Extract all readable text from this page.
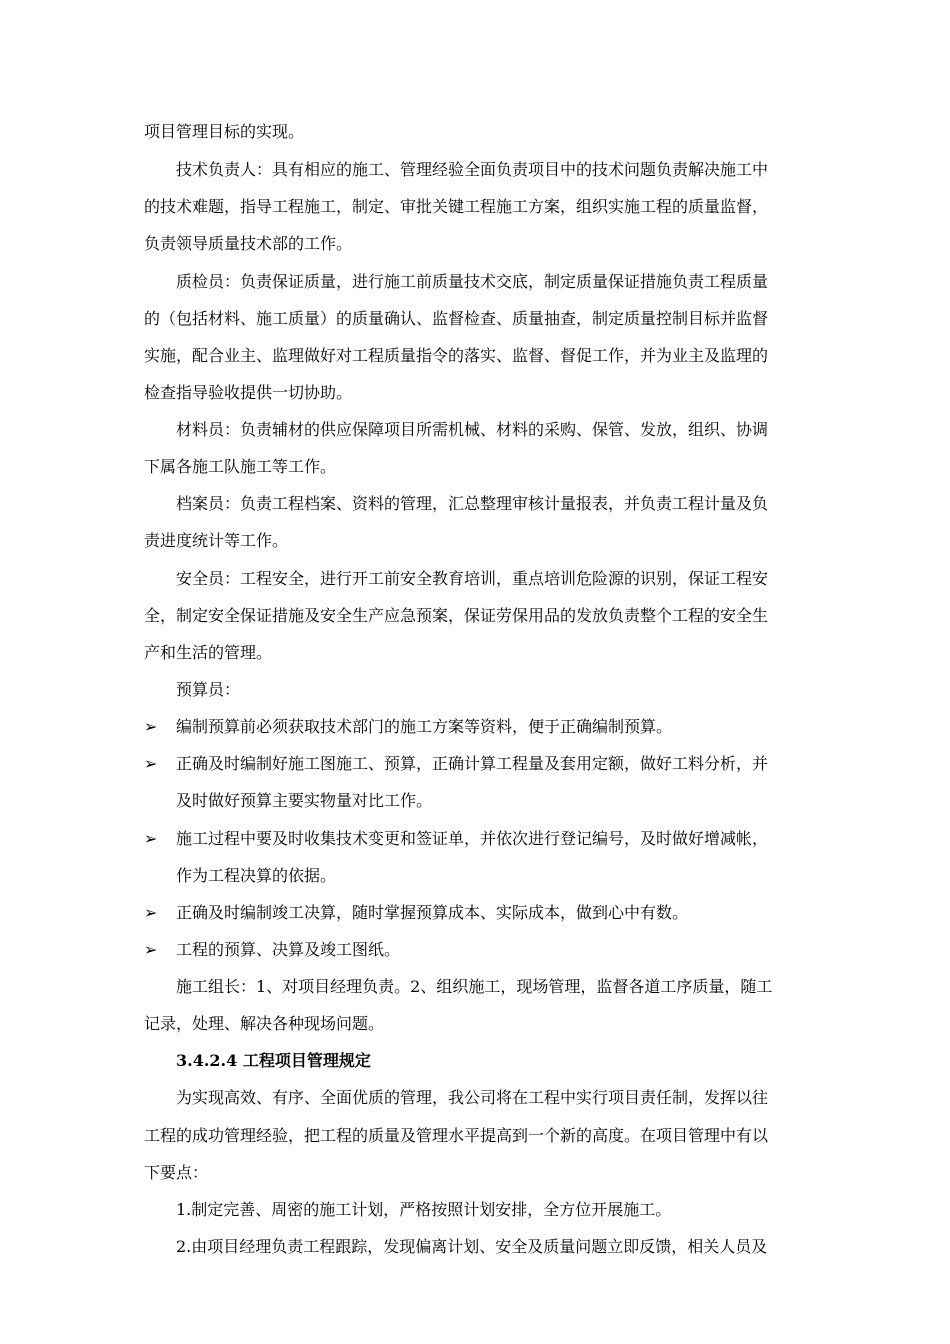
项目管理目标的实现。
技术负责人：具有相应的施工、管理经验全面负责项目中的技术问题负责解决施工中
的技术难题，指导工程施工，制定、审批关键工程施工方案，组织实施工程的质量监督，
负责领导质量技术部的工作。
质检员：负责保证质量，进行施工前质量技术交底，制定质量保证措施负责工程质量
的（包括材料、施工质量）的质量确认、监督检查、质量抽查，制定质量控制目标并监督
实施，配合业主、监理做好对工程质量指令的落实、监督、督促工作，并为业主及监理的
检查指导验收提供一切协助。
材料员：负责辅材的供应保障项目所需机械、材料的采购、保管、发放，组织、协调
下属各施工队施工等工作。
档案员：负责工程档案、资料的管理，汇总整理审核计量报表，并负责工程计量及负
责进度统计等工作。
安全员：工程安全，进行开工前安全教育培训，重点培训危险源的识别，保证工程安
全，制定安全保证措施及安全生产应急预案，保证劳保用品的发放负责整个工程的安全生
产和生活的管理。
预算员：
➢ 编制预算前必须获取技术部门的施工方案等资料，便于正确编制预算。
➢ 正确及时编制好施工图施工、预算，正确计算工程量及套用定额，做好工料分析，并
及时做好预算主要实物量对比工作。
➢ 施工过程中要及时收集技术变更和签证单，并依次进行登记编号，及时做好增减帐，
作为工程决算的依据。
➢ 正确及时编制竣工决算，随时掌握预算成本、实际成本，做到心中有数。
➢ 工程的预算、决算及竣工图纸。
施工组长：1、对项目经理负责。2、组织施工，现场管理，监督各道工序质量，随工
记录，处理、解决各种现场问题。
3.4.2.4 工程项目管理规定
为实现高效、有序、全面优质的管理，我公司将在工程中实行项目责任制，发挥以往
工程的成功管理经验，把工程的质量及管理水平提高到一个新的高度。在项目管理中有以
下要点：
1.制定完善、周密的施工计划，严格按照计划安排，全方位开展施工。
2.由项目经理负责工程跟踪，发现偏离计划、安全及质量问题立即反馈，相关人员及
